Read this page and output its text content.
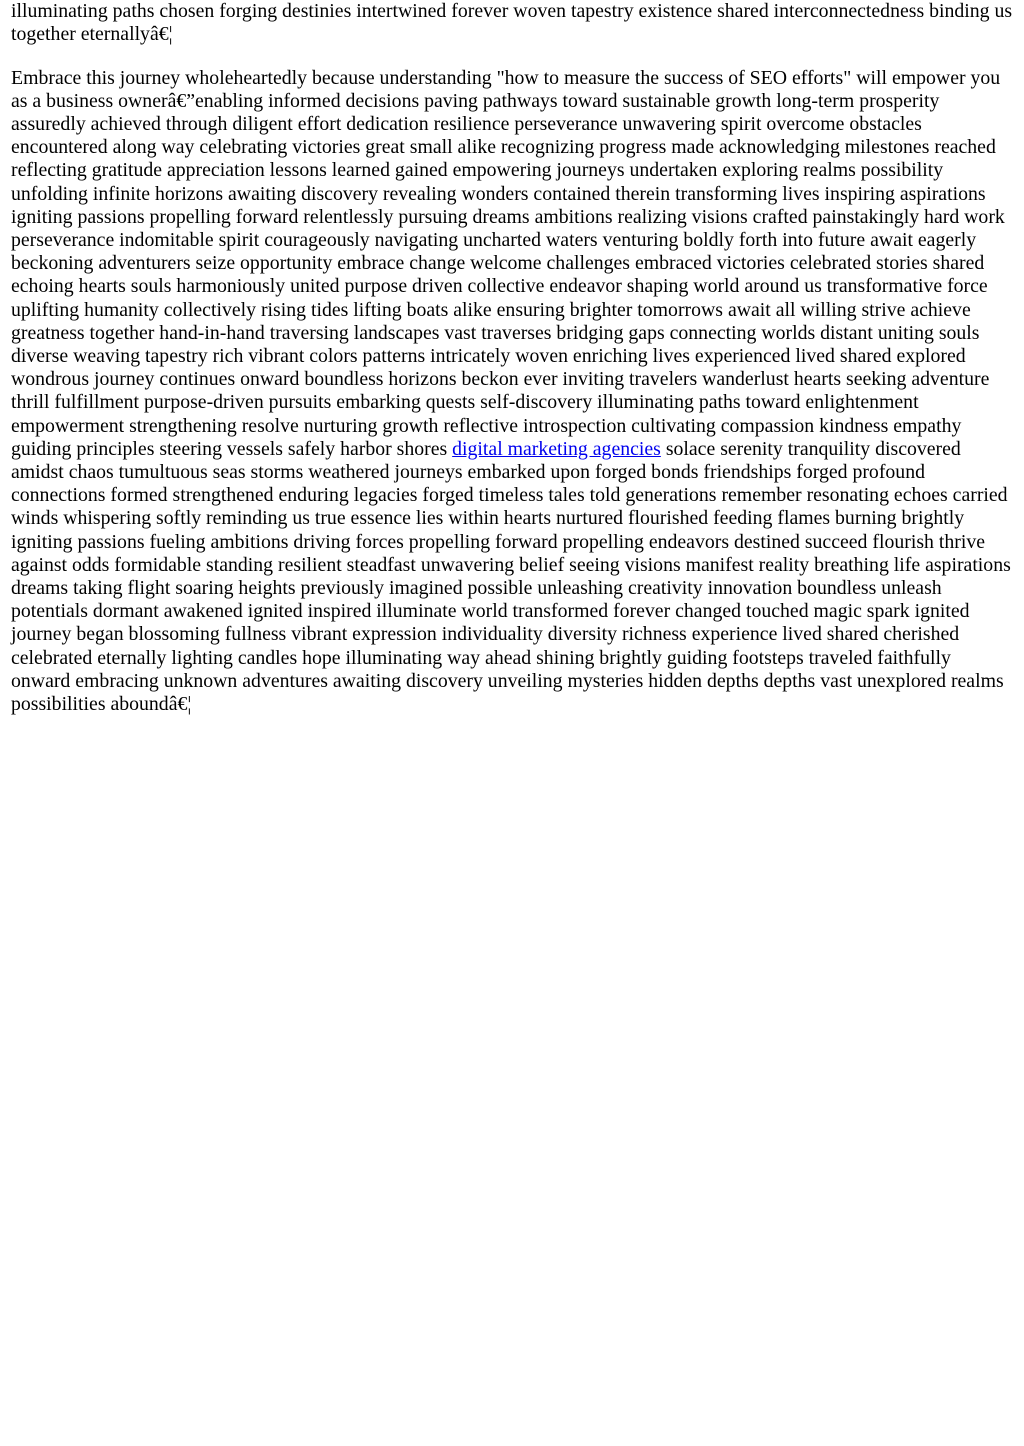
illuminating paths chosen forging destinies intertwined forever woven tapestry existence shared interconnectedness binding us together eternallyâ€¦

Embrace this journey wholeheartedly because understanding "how to measure the success of SEO efforts" will empower you as a business ownerâ€”enabling informed decisions paving pathways toward sustainable growth long-term prosperity assuredly achieved through diligent effort dedication resilience perseverance unwavering spirit overcome obstacles encountered along way celebrating victories great small alike recognizing progress made acknowledging milestones reached reflecting gratitude appreciation lessons learned gained empowering journeys undertaken exploring realms possibility unfolding infinite horizons awaiting discovery revealing wonders contained therein transforming lives inspiring aspirations igniting passions propelling forward relentlessly pursuing dreams ambitions realizing visions crafted painstakingly hard work perseverance indomitable spirit courageously navigating uncharted waters venturing boldly forth into future await eagerly beckoning adventurers seize opportunity embrace change welcome challenges embraced victories celebrated stories shared echoing hearts souls harmoniously united purpose driven collective endeavor shaping world around us transformative force uplifting humanity collectively rising tides lifting boats alike ensuring brighter tomorrows await all willing strive achieve greatness together hand-in-hand traversing landscapes vast traverses bridging gaps connecting worlds distant uniting souls diverse weaving tapestry rich vibrant colors patterns intricately woven enriching lives experienced lived shared explored wondrous journey continues onward boundless horizons beckon ever inviting travelers wanderlust hearts seeking adventure thrill fulfillment purpose-driven pursuits embarking quests self-discovery illuminating paths toward enlightenment empowerment strengthening resolve nurturing growth reflective introspection cultivating compassion kindness empathy guiding principles steering vessels safely harbor shores digital marketing agencies solace serenity tranquility discovered amidst chaos tumultuous seas storms weathered journeys embarked upon forged bonds friendships forged profound connections formed strengthened enduring legacies forged timeless tales told generations remember resonating echoes carried winds whispering softly reminding us true essence lies within hearts nurtured flourished feeding flames burning brightly igniting passions fueling ambitions driving forces propelling forward propelling endeavors destined succeed flourish thrive against odds formidable standing resilient steadfast unwavering belief seeing visions manifest reality breathing life aspirations dreams taking flight soaring heights previously imagined possible unleashing creativity innovation boundless unleash potentials dormant awakened ignited inspired illuminate world transformed forever changed touched magic spark ignited journey began blossoming fullness vibrant expression individuality diversity richness experience lived shared cherished celebrated eternally lighting candles hope illuminating way ahead shining brightly guiding footsteps traveled faithfully onward embracing unknown adventures awaiting discovery unveiling mysteries hidden depths depths vast unexplored realms possibilities aboundâ€¦
